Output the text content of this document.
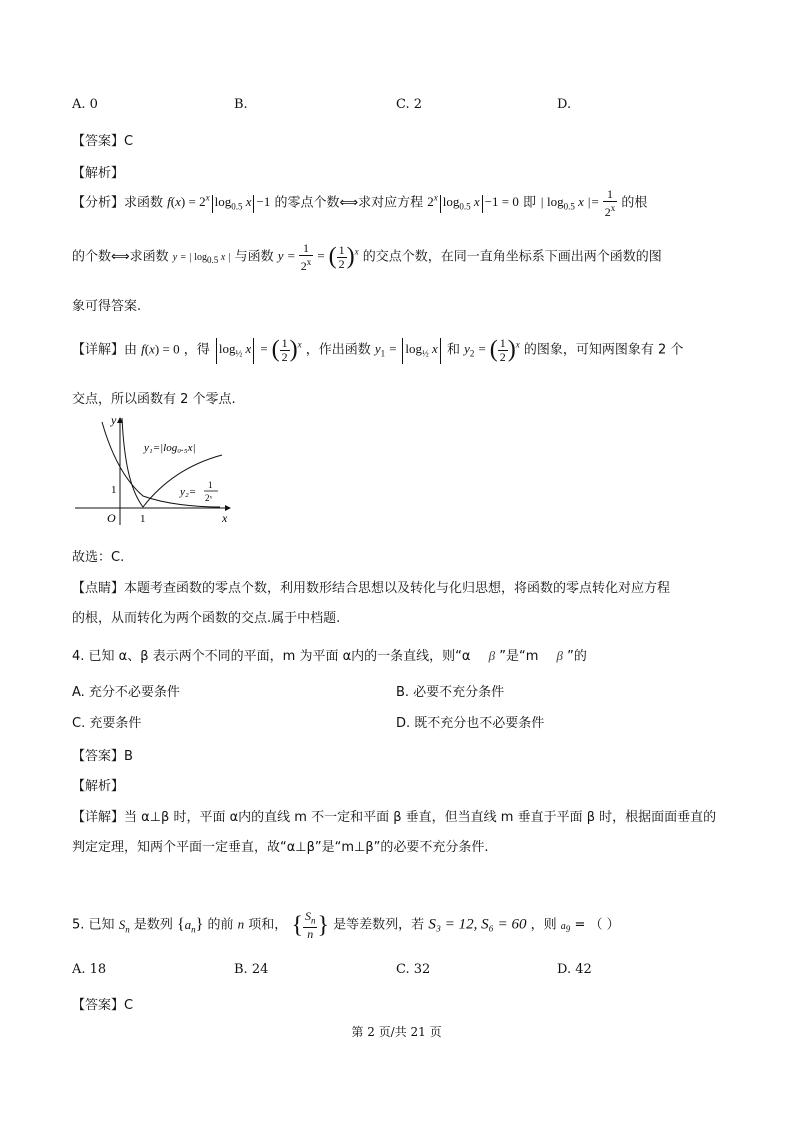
A. 0	B.	C. 2	D.
【答案】C
【解析】
【分析】求函数 $f(x) = 2^x$ $\log_{0.5} x -1$ 的零点个数⟺求对应方程 2$^x$ $\log_{0.5} x -1 = 0$ 即 | $\log_{0.5} x$ |= $\frac{1}{2^x}$ 的根
的个数⟺求函数 y = | $\log_{0.5} x$ | 与函数 $y = \frac{1}{2^x}$ = ( $\frac{1}{2} )^x$ 的交点个数，在同一直角坐标系下画出两个函数的图
象可得答案.
【详解】由 f(x) = 0 ，得 $\log_{\frac{1}{2}} x$ = ( $\frac{1}{2} )^x$ ，作出函数 $y_1 = \log_{\frac{1}{2}} x$ 和 $y_2$ = ( $\frac{1}{2} )^x$ 的图象，可知两图象有 2 个
交点，所以函数有 2 个零点.
y
x
O 1
1
y₁=|log₀.₅x|
y₂=
1
2ˣ
故选：C.
【点睛】本题考查函数的零点个数，利用数形结合思想以及转化与化归思想，将函数的零点转化对应方程
的根，从而转化为两个函数的交点.属于中档题.
4. 已知 α、β 表示两个不同的平面，m 为平面 α内的一条直线，则“α β ”是“m β ”的
A. 充分不必要条件	B. 必要不充分条件
C. 充要条件	D. 既不充分也不必要条件
【答案】B
【解析】
【详解】当 α⊥β 时，平面 α内的直线 m 不一定和平面 β 垂直，但当直线 m 垂直于平面 β 时，根据面面垂直的
判定定理，知两个平面一定垂直，故“α⊥β”是“m⊥β”的必要不充分条件.
5. 已知 $S_n$ 是数列 $\{a_n\}$ 的前 n 项和， { $\frac{S_n}{n}$ } 是等差数列，若 S₃ = 12, S₆ = 60 ，则 $a_9$ = （ ）
A. 18	B. 24	C. 32	D. 42
【答案】C
第 2 页/共 21 页
